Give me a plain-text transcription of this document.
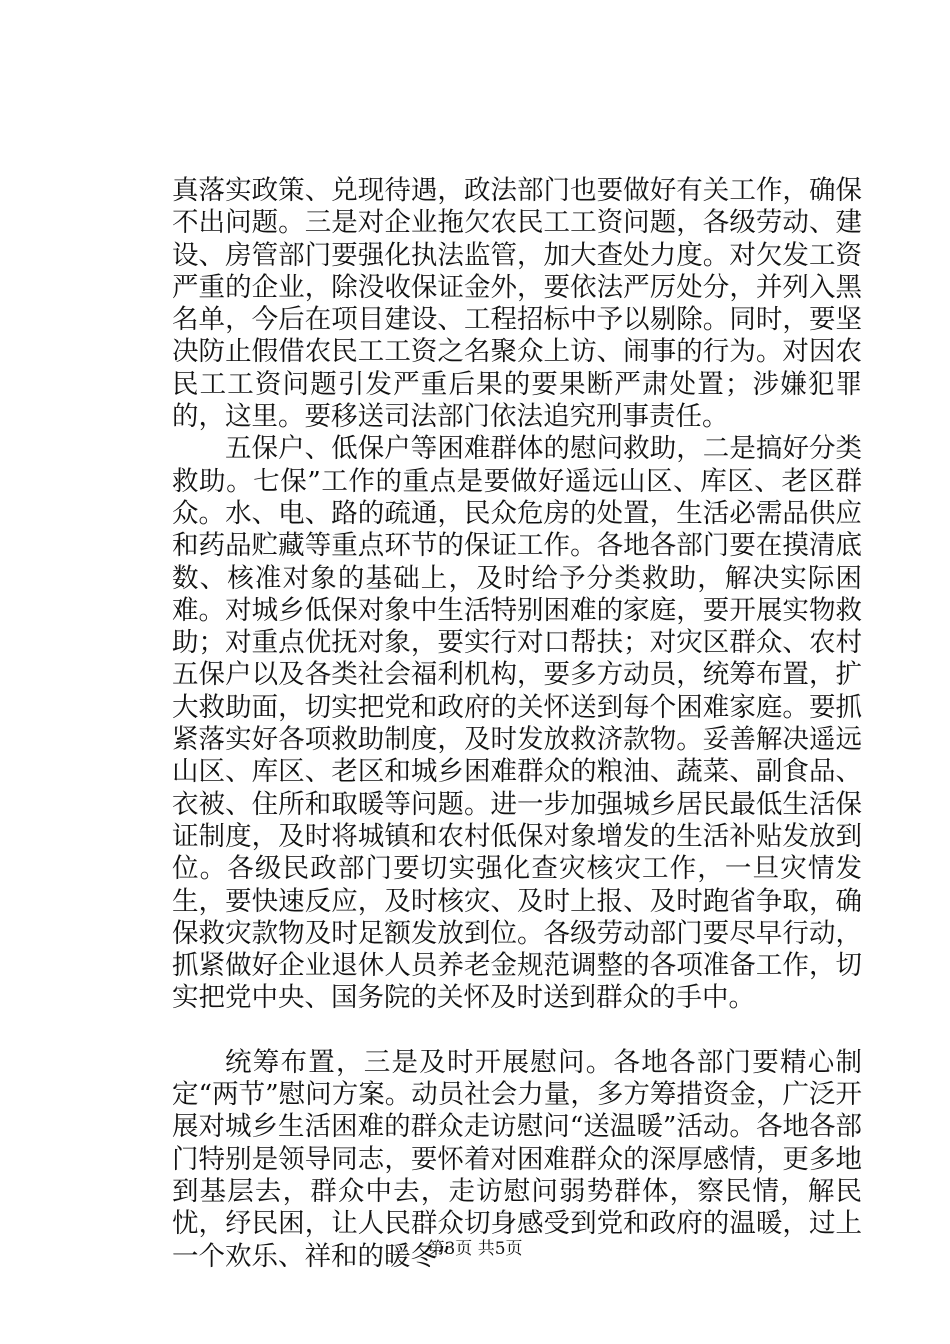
真落实政策、兑现待遇，政法部门也要做好有关工作，确保不出问题。三是对企业拖欠农民工工资问题，各级劳动、建设、房管部门要强化执法监管，加大查处力度。对欠发工资严重的企业，除没收保证金外，要依法严厉处分，并列入黑名单，今后在项目建设、工程招标中予以剔除。同时，要坚决防止假借农民工工资之名聚众上访、闹事的行为。对因农民工工资问题引发严重后果的要果断严肃处置；涉嫌犯罪的，这里。要移送司法部门依法追究刑事责任。

五保户、低保户等困难群体的慰问救助，二是搞好分类救助。七保”工作的重点是要做好遥远山区、库区、老区群众。水、电、路的疏通，民众危房的处置，生活必需品供应和药品贮藏等重点环节的保证工作。各地各部门要在摸清底数、核准对象的基础上，及时给予分类救助，解决实际困难。对城乡低保对象中生活特别困难的家庭，要开展实物救助；对重点优抚对象，要实行对口帮扶；对灾区群众、农村五保户以及各类社会福利机构，要多方动员，统筹布置，扩大救助面，切实把党和政府的关怀送到每个困难家庭。要抓紧落实好各项救助制度，及时发放救济款物。妥善解决遥远山区、库区、老区和城乡困难群众的粮油、蔬菜、副食品、衣被、住所和取暖等问题。进一步加强城乡居民最低生活保证制度，及时将城镇和农村低保对象增发的生活补贴发放到位。各级民政部门要切实强化查灾核灾工作，一旦灾情发生，要快速反应，及时核灾、及时上报、及时跑省争取，确保救灾款物及时足额发放到位。各级劳动部门要尽早行动，抓紧做好企业退休人员养老金规范调整的各项准备工作，切实把党中央、国务院的关怀及时送到群众的手中。

统筹布置，三是及时开展慰问。各地各部门要精心制定“两节”慰问方案。动员社会力量，多方筹措资金，广泛开展对城乡生活困难的群众走访慰问“送温暖”活动。各地各部门特别是领导同志，要怀着对困难群众的深厚感情，更多地到基层去，群众中去，走访慰问弱势群体，察民情，解民忧，纾民困，让人民群众切身感受到党和政府的温暖，过上一个欢乐、祥和的暖冬”

第3页 共5页
